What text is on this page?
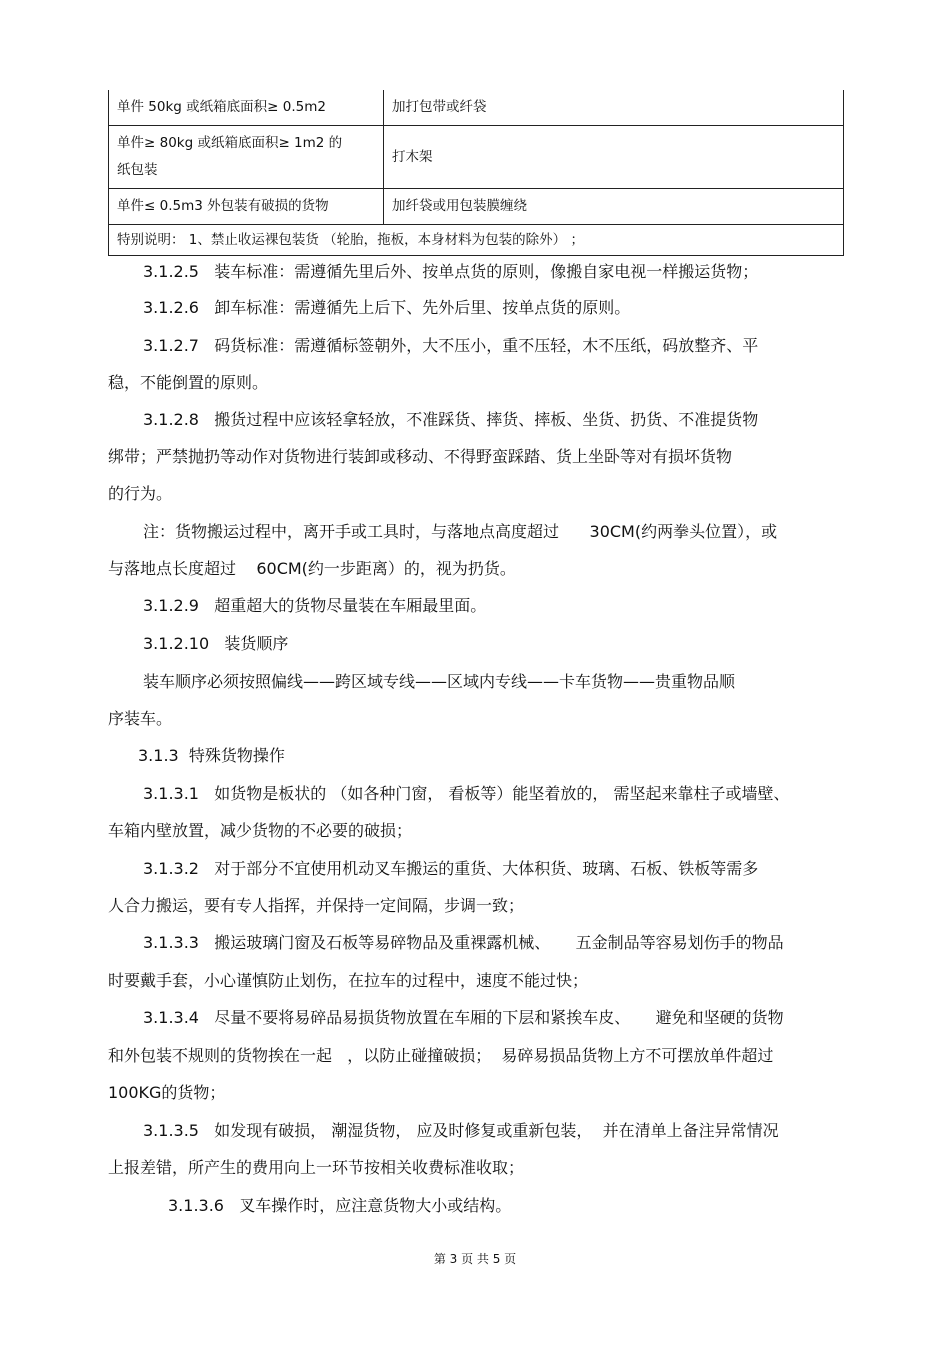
单件 50kg 或纸箱底面积≥ 0.5m2	加打包带或纤袋

单件≥ 80kg 或纸箱底面积≥ 1m2 的
纸包装	打木架
单件≤ 0.5m3 外包装有破损的货物	加纤袋或用包装膜缠绕
特别说明： 1、禁止收运裸包装货 （轮胎，拖板，本身材料为包装的除外） ；	
3.1.2.5   装车标准：需遵循先里后外、按单点货的原则，像搬自家电视一样搬运货物；
3.1.2.6   卸车标准：需遵循先上后下、先外后里、按单点货的原则。
3.1.2.7   码货标准：需遵循标签朝外，大不压小，重不压轻，木不压纸，码放整齐、平
稳，不能倒置的原则。
3.1.2.8   搬货过程中应该轻拿轻放，不准踩货、摔货、摔板、坐货、扔货、不准提货物
绑带；严禁抛扔等动作对货物进行装卸或移动、不得野蛮踩踏、货上坐卧等对有损坏货物
的行为。
注：货物搬运过程中，离开手或工具时，与落地点高度超过      30CM(约两拳头位置），或
与落地点长度超过    60CM(约一步距离）的，视为扔货。
3.1.2.9   超重超大的货物尽量装在车厢最里面。
3.1.2.10   装货顺序
装车顺序必须按照偏线——跨区域专线——区域内专线——卡车货物——贵重物品顺
序装车。
3.1.3  特殊货物操作
3.1.3.1   如货物是板状的 （如各种门窗， 看板等）能坚着放的， 需坚起来靠柱子或墙壁、
车箱内壁放置，减少货物的不必要的破损；
3.1.3.2   对于部分不宜使用机动叉车搬运的重货、大体积货、玻璃、石板、铁板等需多
人合力搬运，要有专人指挥，并保持一定间隔，步调一致；
3.1.3.3   搬运玻璃门窗及石板等易碎物品及重裸露机械、     五金制品等容易划伤手的物品
时要戴手套，小心谨慎防止划伤，在拉车的过程中，速度不能过快；
3.1.3.4   尽量不要将易碎品易损货物放置在车厢的下层和紧挨车皮、     避免和坚硬的货物
和外包装不规则的货物挨在一起   ，以防止碰撞破损；  易碎易损品货物上方不可摆放单件超过
100KG的货物；
3.1.3.5   如发现有破损， 潮湿货物， 应及时修复或重新包装，  并在清单上备注异常情况
上报差错，所产生的费用向上一环节按相关收费标准收取；
3.1.3.6   叉车操作时，应注意货物大小或结构。
第 3 页 共 5 页
